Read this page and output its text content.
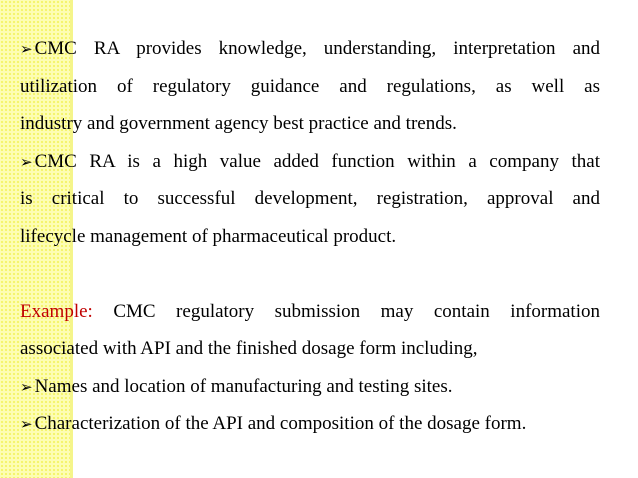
➢ CMC RA provides knowledge, understanding, interpretation and
utilization of regulatory guidance and regulations, as well as
industry and government agency best practice and trends.
➢ CMC RA is a high value added function within a company that
is critical to successful development, registration, approval and
lifecycle management of pharmaceutical product.
Example: CMC regulatory submission may contain information
associated with API and the finished dosage form including,
➢ Names and location of manufacturing and testing sites.
➢ Characterization of the API and composition of the dosage form.
